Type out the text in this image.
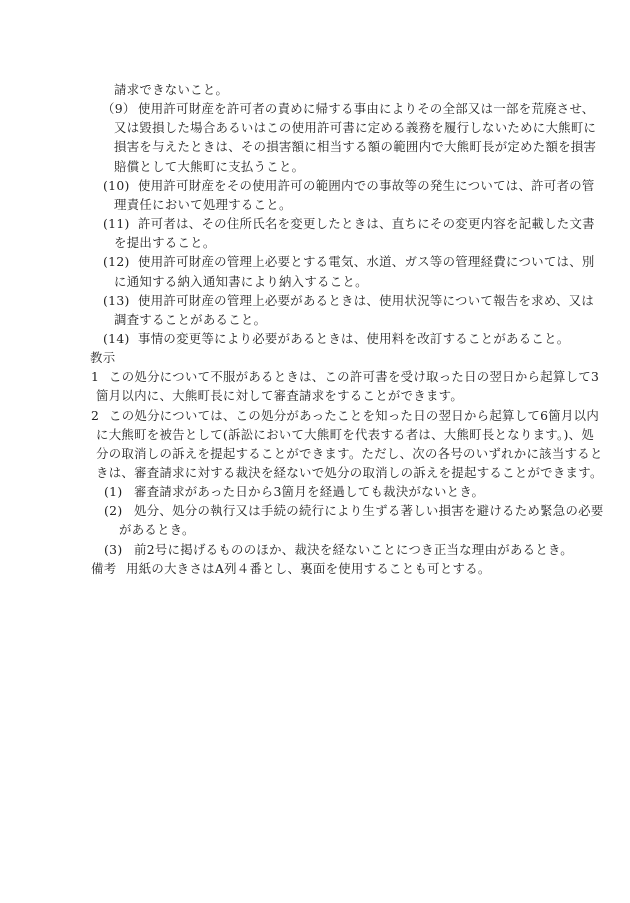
請求できないこと。
（9） 使用許可財産を許可者の責めに帰する事由によりその全部又は一部を荒廃させ、
又は毀損した場合あるいはこの使用許可書に定める義務を履行しないために大熊町に
損害を与えたときは、その損害額に相当する額の範囲内で大熊町長が定めた額を損害
賠償として大熊町に支払うこと。
(10) 使用許可財産をその使用許可の範囲内での事故等の発生については、許可者の管
理責任において処理すること。
(11) 許可者は、その住所氏名を変更したときは、直ちにその変更内容を記載した文書
を提出すること。
(12) 使用許可財産の管理上必要とする電気、水道、ガス等の管理経費については、別
に通知する納入通知書により納入すること。
(13) 使用許可財産の管理上必要があるときは、使用状況等について報告を求め、又は
調査することがあること。
(14) 事情の変更等により必要があるときは、使用料を改訂することがあること。
教示
1 この処分について不服があるときは、この許可書を受け取った日の翌日から起算して3
箇月以内に、大熊町長に対して審査請求をすることができます。
2 この処分については、この処分があったことを知った日の翌日から起算して6箇月以内
に大熊町を被告として(訴訟において大熊町を代表する者は、大熊町長となります。)、処
分の取消しの訴えを提起することができます。ただし、次の各号のいずれかに該当すると
きは、審査請求に対する裁決を経ないで処分の取消しの訴えを提起することができます。
(1) 審査請求があった日から3箇月を経過しても裁決がないとき。
(2) 処分、処分の執行又は手続の続行により生ずる著しい損害を避けるため緊急の必要
があるとき。
(3) 前2号に掲げるもののほか、裁決を経ないことにつき正当な理由があるとき。
備考 用紙の大きさはA列４番とし、裏面を使用することも可とする。
